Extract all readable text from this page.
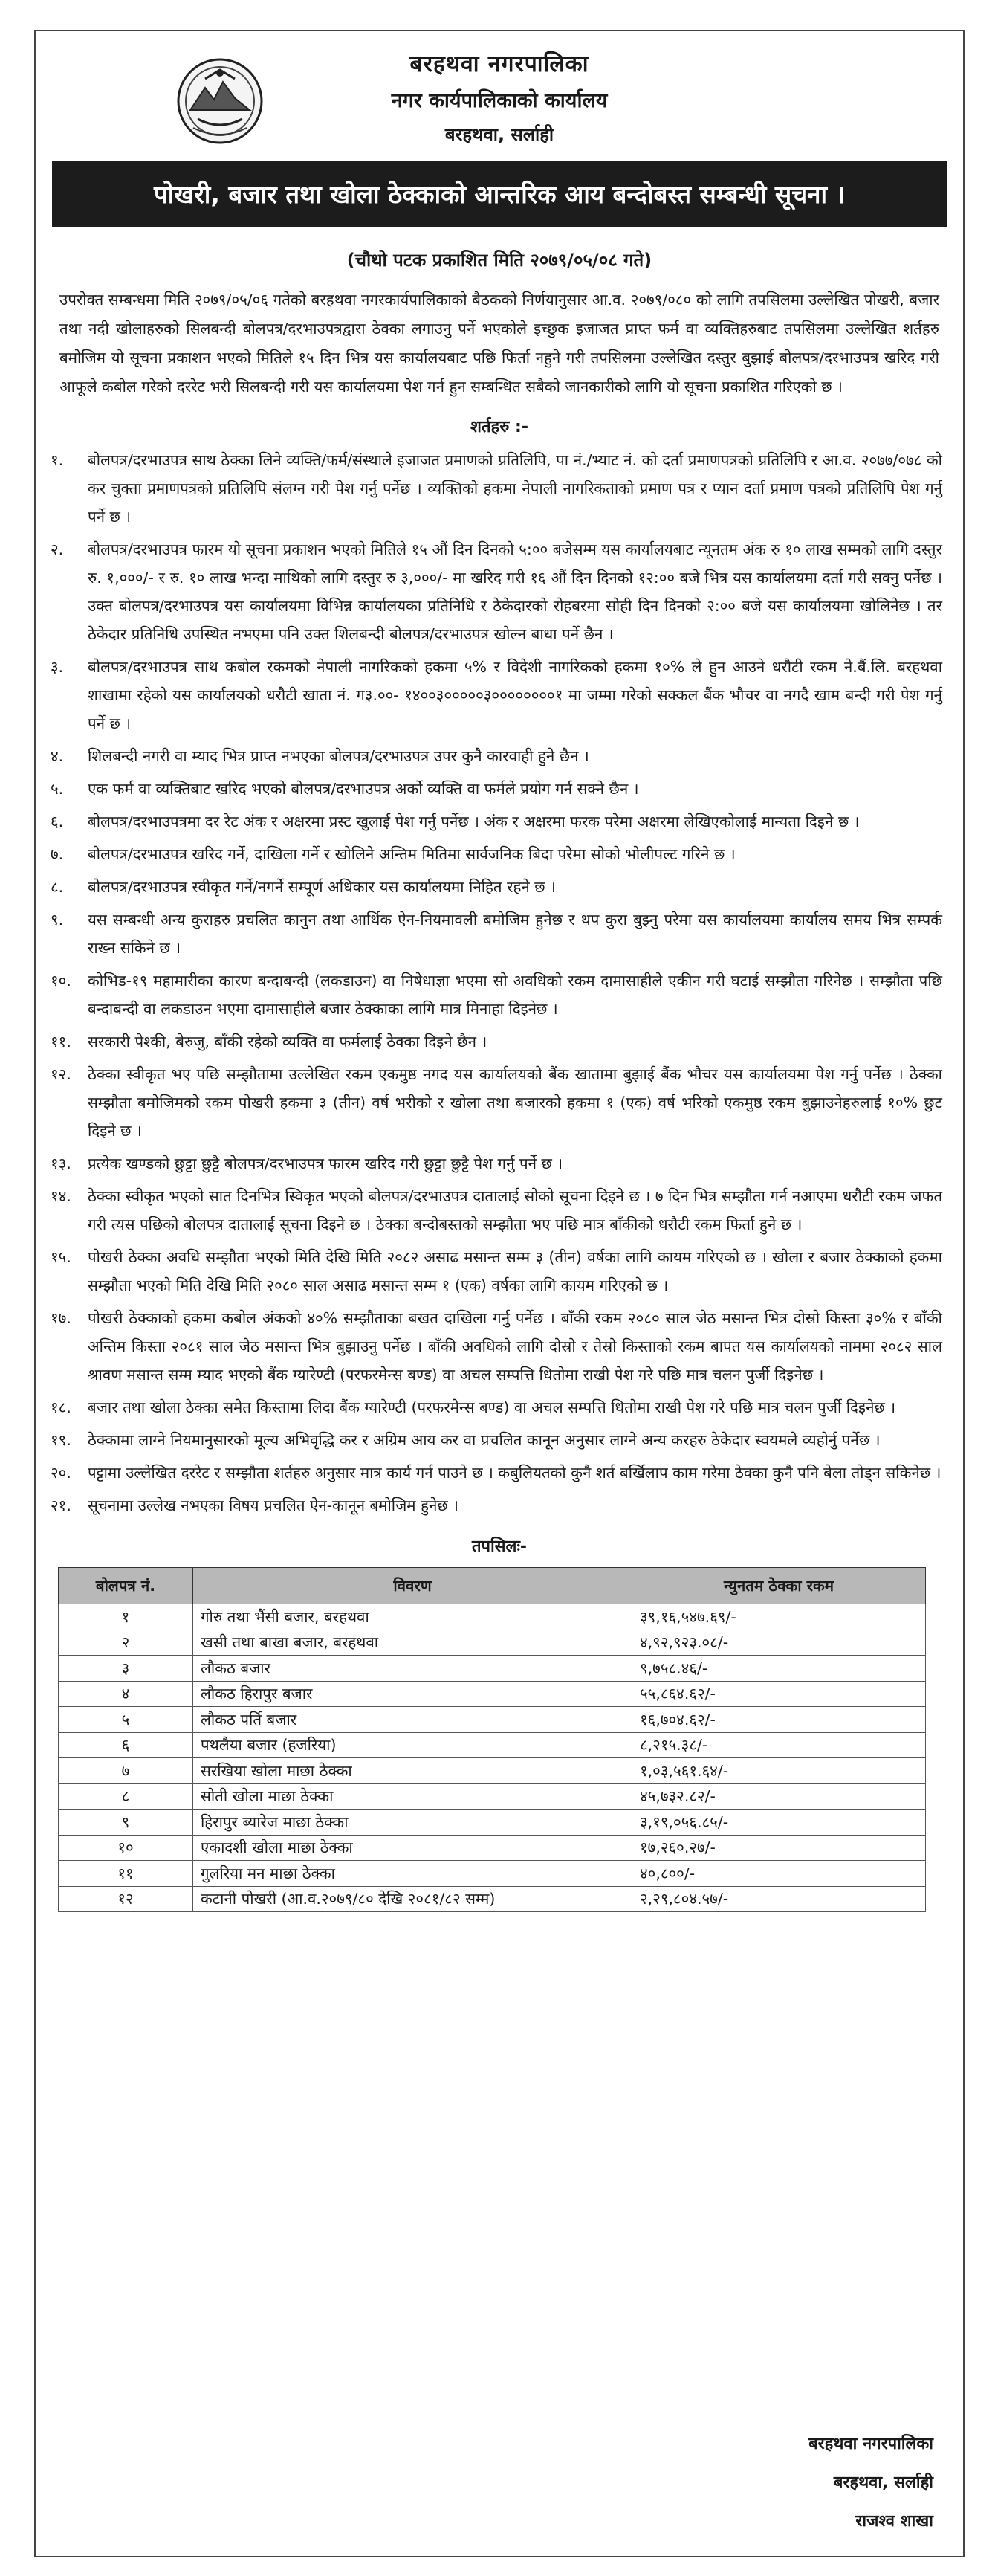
बरहथवा नगरपालिका
नगर कार्यपालिकाको कार्यालय
बरहथवा, सर्लाही
पोखरी, बजार तथा खोला ठेक्काको आन्तरिक आय बन्दोबस्त सम्बन्धी सूचना ।
(चौथो पटक प्रकाशित मिति २०७९/०५/०८ गते)
उपरोक्त सम्बन्धमा मिति २०७९/०५/०६ गतेको बरहथवा नगरकार्यपालिकाको बैठकको निर्णयानुसार आ.व. २०७९/०८० को लागि तपसिलमा उल्लेखित पोखरी, बजार तथा नदी खोलाहरुको सिलबन्दी बोलपत्र/दरभाउपत्रद्वारा ठेक्का लगाउनु पर्ने भएकोले इच्छुक इजाजत प्राप्त फर्म वा व्यक्तिहरुबाट तपसिलमा उल्लेखित शर्तहरु बमोजिम यो सूचना प्रकाशन भएको मितिले १५ दिन भित्र यस कार्यालयबाट पछि फिर्ता नहुने गरी तपसिलमा उल्लेखित दस्तुर बुझाई बोलपत्र/दरभाउपत्र खरिद गरी आफूले कबोल गरेको दररेट भरी सिलबन्दी गरी यस कार्यालयमा पेश गर्न हुन सम्बन्धित सबैको जानकारीको लागि यो सूचना प्रकाशित गरिएको छ ।
शर्तहरु :-
१.	बोलपत्र/दरभाउपत्र साथ ठेक्का लिने व्यक्ति/फर्म/संस्थाले इजाजत प्रमाणको प्रतिलिपि, पा नं./भ्याट नं. को दर्ता प्रमाणपत्रको प्रतिलिपि र आ.व. २०७७/०७८ को कर चुक्ता प्रमाणपत्रको प्रतिलिपि संलग्न गरी पेश गर्नु पर्नेछ । व्यक्तिको हकमा नेपाली नागरिकताको प्रमाण पत्र र प्यान दर्ता प्रमाण पत्रको प्रतिलिपि पेश गर्नु पर्ने छ ।
२.	बोलपत्र/दरभाउपत्र फारम यो सूचना प्रकाशन भएको मितिले १५ औं दिन दिनको ५:०० बजेसम्म यस कार्यालयबाट न्यूनतम अंक रु १० लाख सम्मको लागि दस्तुर रु. १,०००/- र रु. १० लाख भन्दा माथिको लागि दस्तुर रु ३,०००/- मा खरिद गरी १६ औं दिन दिनको १२:०० बजे भित्र यस कार्यालयमा दर्ता गरी सक्नु पर्नेछ । उक्त बोलपत्र/दरभाउपत्र यस कार्यालयमा विभिन्न कार्यालयका प्रतिनिधि र ठेकेदारको रोहबरमा सोही दिन दिनको २:०० बजे यस कार्यालयमा खोलिनेछ । तर ठेकेदार प्रतिनिधि उपस्थित नभएमा पनि उक्त शिलबन्दी बोलपत्र/दरभाउपत्र खोल्न बाधा पर्ने छैन ।
३.	बोलपत्र/दरभाउपत्र साथ कबोल रकमको नेपाली नागरिकको हकमा ५% र विदेशी नागरिकको हकमा १०% ले हुन आउने धरौटी रकम ने.बैं.लि. बरहथवा शाखामा रहेको यस कार्यालयको धरौटी खाता नं. ग३.००- १४००३०००००३००००००००१ मा जम्मा गरेको सक्कल बैंक भौचर वा नगदै खाम बन्दी गरी पेश गर्नु पर्ने छ ।
४.	शिलबन्दी नगरी वा म्याद भित्र प्राप्त नभएका बोलपत्र/दरभाउपत्र उपर कुनै कारवाही हुने छैन ।
५.	एक फर्म वा व्यक्तिबाट खरिद भएको बोलपत्र/दरभाउपत्र अर्को व्यक्ति वा फर्मले प्रयोग गर्न सक्ने छैन ।
६.	बोलपत्र/दरभाउपत्रमा दर रेट अंक र अक्षरमा प्रस्ट खुलाई पेश गर्नु पर्नेछ । अंक र अक्षरमा फरक परेमा अक्षरमा लेखिएकोलाई मान्यता दिइने छ ।
७.	बोलपत्र/दरभाउपत्र खरिद गर्ने, दाखिला गर्ने र खोलिने अन्तिम मितिमा सार्वजनिक बिदा परेमा सोको भोलीपल्ट गरिने छ ।
८.	बोलपत्र/दरभाउपत्र स्वीकृत गर्ने/नगर्ने सम्पूर्ण अधिकार यस कार्यालयमा निहित रहने छ ।
९.	यस सम्बन्धी अन्य कुराहरु प्रचलित कानुन तथा आर्थिक ऐन-नियमावली बमोजिम हुनेछ र थप कुरा बुझ्नु परेमा यस कार्यालयमा कार्यालय समय भित्र सम्पर्क राख्न सकिने छ ।
१०.	कोभिड-१९ महामारीका कारण बन्दाबन्दी (लकडाउन) वा निषेधाज्ञा भएमा सो अवधिको रकम दामासाहीले एकीन गरी घटाई सम्झौता गरिनेछ । सम्झौता पछि बन्दाबन्दी वा लकडाउन भएमा दामासाहीले बजार ठेक्काका लागि मात्र मिनाहा दिइनेछ ।
११.	सरकारी पेश्की, बेरुजु, बाँकी रहेको व्यक्ति वा फर्मलाई ठेक्का दिइने छैन ।
१२.	ठेक्का स्वीकृत भए पछि सम्झौतामा उल्लेखित रकम एकमुष्ठ नगद यस कार्यालयको बैंक खातामा बुझाई बैंक भौचर यस कार्यालयमा पेश गर्नु पर्नेछ । ठेक्का सम्झौता बमोजिमको रकम पोखरी हकमा ३ (तीन) वर्ष भरीको र खोला तथा बजारको हकमा १ (एक) वर्ष भरिको एकमुष्ठ रकम बुझाउनेहरुलाई १०% छुट दिइने छ ।
१३.	प्रत्येक खण्डको छुट्टा छुट्टै बोलपत्र/दरभाउपत्र फारम खरिद गरी छुट्टा छुट्टै पेश गर्नु पर्ने छ ।
१४.	ठेक्का स्वीकृत भएको सात दिनभित्र स्विकृत भएको बोलपत्र/दरभाउपत्र दातालाई सोको सूचना दिइने छ । ७ दिन भित्र सम्झौता गर्न नआएमा धरौटी रकम जफत गरी त्यस पछिको बोलपत्र दातालाई सूचना दिइने छ । ठेक्का बन्दोबस्तको सम्झौता भए पछि मात्र बाँकीको धरौटी रकम फिर्ता हुने छ ।
१५.	पोखरी ठेक्का अवधि सम्झौता भएको मिति देखि मिति २०८२ असाढ मसान्त सम्म ३ (तीन) वर्षका लागि कायम गरिएको छ । खोला र बजार ठेक्काको हकमा सम्झौता भएको मिति देखि मिति २०८० साल असाढ मसान्त सम्म १ (एक) वर्षका लागि कायम गरिएको छ ।
१७.	पोखरी ठेक्काको हकमा कबोल अंकको ४०% सम्झौताका बखत दाखिला गर्नु पर्नेछ । बाँकी रकम २०८० साल जेठ मसान्त भित्र दोस्रो किस्ता ३०% र बाँकी अन्तिम किस्ता २०८१ साल जेठ मसान्त भित्र बुझाउनु पर्नेछ । बाँकी अवधिको लागि दोस्रो र तेस्रो किस्ताको रकम बापत यस कार्यालयको नाममा २०८२ साल श्रावण मसान्त सम्म म्याद भएको बैंक ग्यारेण्टी (परफरमेन्स बण्ड) वा अचल सम्पत्ति धितोमा राखी पेश गरे पछि मात्र चलन पुर्जी दिइनेछ ।
१८.	बजार तथा खोला ठेक्का समेत किस्तामा लिदा बैंक ग्यारेण्टी (परफरमेन्स बण्ड) वा अचल सम्पत्ति धितोमा राखी पेश गरे पछि मात्र चलन पुर्जी दिइनेछ ।
१९.	ठेक्कामा लाग्ने नियमानुसारको मूल्य अभिवृद्धि कर र अग्रिम आय कर वा प्रचलित कानून अनुसार लाग्ने अन्य करहरु ठेकेदार स्वयमले व्यहोर्नु पर्नेछ ।
२०.	पट्टामा उल्लेखित दररेट र सम्झौता शर्तहरु अनुसार मात्र कार्य गर्न पाउने छ । कबुलियतको कुनै शर्त बर्खिलाप काम गरेमा ठेक्का कुनै पनि बेला तोड्न सकिनेछ ।
२१.	सूचनामा उल्लेख नभएका विषय प्रचलित ऐन-कानून बमोजिम हुनेछ ।
तपसिलः-
बोलपत्र नं.	विवरण	न्युनतम ठेक्का रकम
१	गोरु तथा भैंसी बजार, बरहथवा	३९,१६,५४७.६९/-
२	खसी तथा बाखा बजार, बरहथवा	४,९२,९२३.०८/-
३	लौकठ बजार	९,७५८.४६/-
४	लौकठ हिरापुर बजार	५५,८६४.६२/-
५	लौकठ पर्ति बजार	१६,७०४.६२/-
६	पथलैया बजार (हजरिया)	८,२१५.३८/-
७	सरखिया खोला माछा ठेक्का	१,०३,५६१.६४/-
८	सोती खोला माछा ठेक्का	४५,७३२.८२/-
९	हिरापुर ब्यारेज माछा ठेक्का	३,१९,०५६.८५/-
१०	एकादशी खोला माछा ठेक्का	१७,२६०.२७/-
११	गुलरिया मन माछा ठेक्का	४०,८००/-
१२	कटानी पोखरी (आ.व.२०७९/८० देखि २०८१/८२ सम्म)	२,२९,८०४.५७/-
बरहथवा नगरपालिका
बरहथवा, सर्लाही
राजश्व शाखा
